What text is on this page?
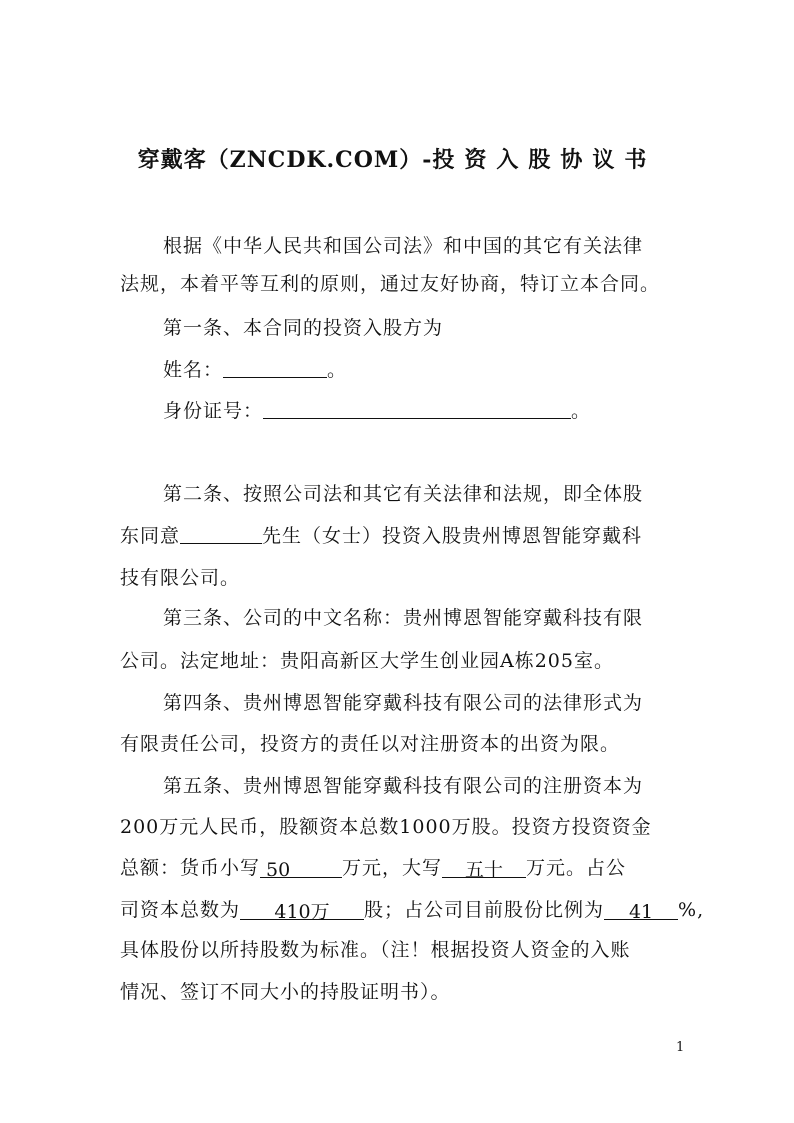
穿戴客（ZNCDK.COM）-投资入股协议书
根据《中华人民共和国公司法》和中国的其它有关法律
法规，本着平等互利的原则，通过友好协商，特订立本合同。
第一条、本合同的投资入股方为
姓名：	。
身份证号：	。
第二条、按照公司法和其它有关法律和法规，即全体股
东同意	先生（女士）投资入股贵州博恩智能穿戴科
技有限公司。
第三条、公司的中文名称：贵州博恩智能穿戴科技有限
公司。法定地址：贵阳高新区大学生创业园A栋205室。
第四条、贵州博恩智能穿戴科技有限公司的法律形式为
有限责任公司，投资方的责任以对注册资本的出资为限。
第五条、贵州博恩智能穿戴科技有限公司的注册资本为
200万元人民币，股额资本总数1000万股。投资方投资资金
总额：货币小写 50	万元，大写 五十 万元。占公
司资本总数为 410万 股；占公司目前股份比例为 41 %,
具体股份以所持股数为标准。（注！根据投资人资金的入账
情况、签订不同大小的持股证明书）。
1
